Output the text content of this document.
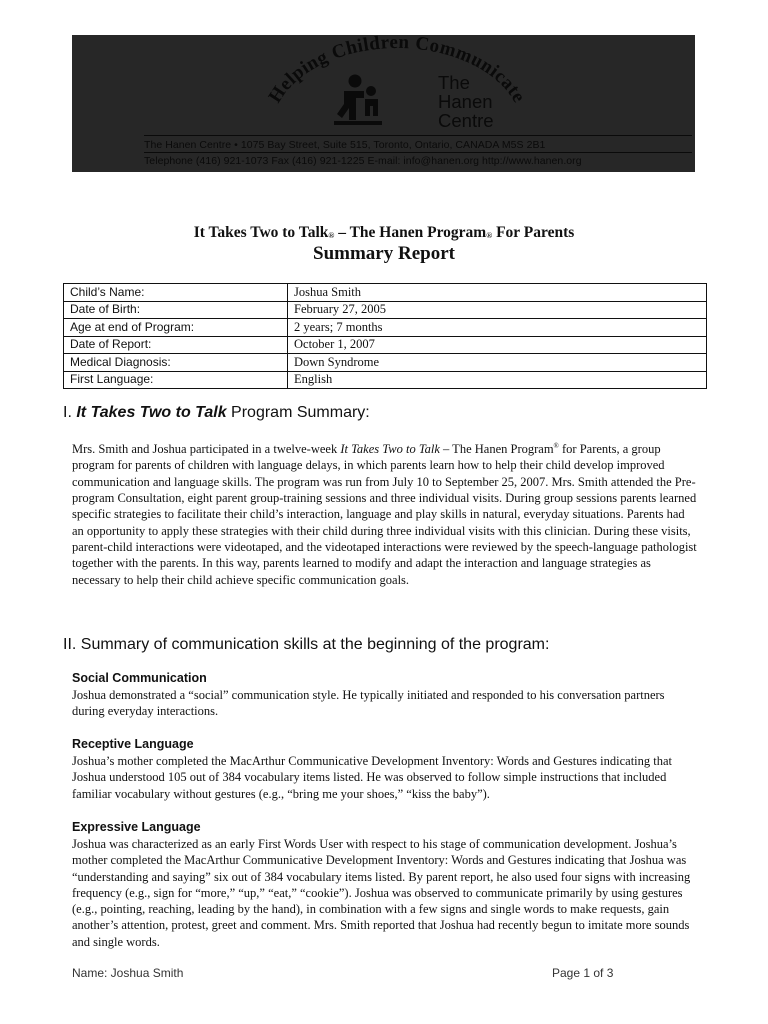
Helping Children Communicate
The
Hanen
Centre
The Hanen Centre • 1075 Bay Street, Suite 515, Toronto, Ontario, CANADA M5S 2B1
Telephone (416) 921-1073 Fax (416) 921-1225 E-mail: info@hanen.org http://www.hanen.org
It Takes Two to Talk® – The Hanen Program® For Parents
Summary Report
Child’s Name:	Joshua Smith
Date of Birth:	February 27, 2005
Age at end of Program:	2 years; 7 months
Date of Report:	October 1, 2007
Medical Diagnosis:	Down Syndrome
First Language:	English
I. It Takes Two to Talk Program Summary:
Mrs. Smith and Joshua participated in a twelve-week It Takes Two to Talk – The Hanen Program® for Parents, a group program for parents of children with language delays, in which parents learn how to help their child develop improved communication and language skills. The program was run from July 10 to September 25, 2007. Mrs. Smith attended the Pre-program Consultation, eight parent group-training sessions and three individual visits. During group sessions parents learned specific strategies to facilitate their child’s interaction, language and play skills in natural, everyday situations. Parents had an opportunity to apply these strategies with their child during three individual visits with this clinician. During these visits, parent-child interactions were videotaped, and the videotaped interactions were reviewed by the speech-language pathologist together with the parents. In this way, parents learned to modify and adapt the interaction and language strategies as necessary to help their child achieve specific communication goals.
II. Summary of communication skills at the beginning of the program:
Social Communication
Joshua demonstrated a “social” communication style. He typically initiated and responded to his conversation partners during everyday interactions.
Receptive Language
Joshua’s mother completed the MacArthur Communicative Development Inventory: Words and Gestures indicating that Joshua understood 105 out of 384 vocabulary items listed. He was observed to follow simple instructions that included familiar vocabulary without gestures (e.g., “bring me your shoes,” “kiss the baby”).
Expressive Language
Joshua was characterized as an early First Words User with respect to his stage of communication development. Joshua’s mother completed the MacArthur Communicative Development Inventory: Words and Gestures indicating that Joshua was “understanding and saying” six out of 384 vocabulary items listed. By parent report, he also used four signs with increasing frequency (e.g., sign for “more,” “up,” “eat,” “cookie”). Joshua was observed to communicate primarily by using gestures (e.g., pointing, reaching, leading by the hand), in combination with a few signs and single words to make requests, gain another’s attention, protest, greet and comment. Mrs. Smith reported that Joshua had recently begun to imitate more sounds and single words.
Name: Joshua Smith	Page 1 of 3
